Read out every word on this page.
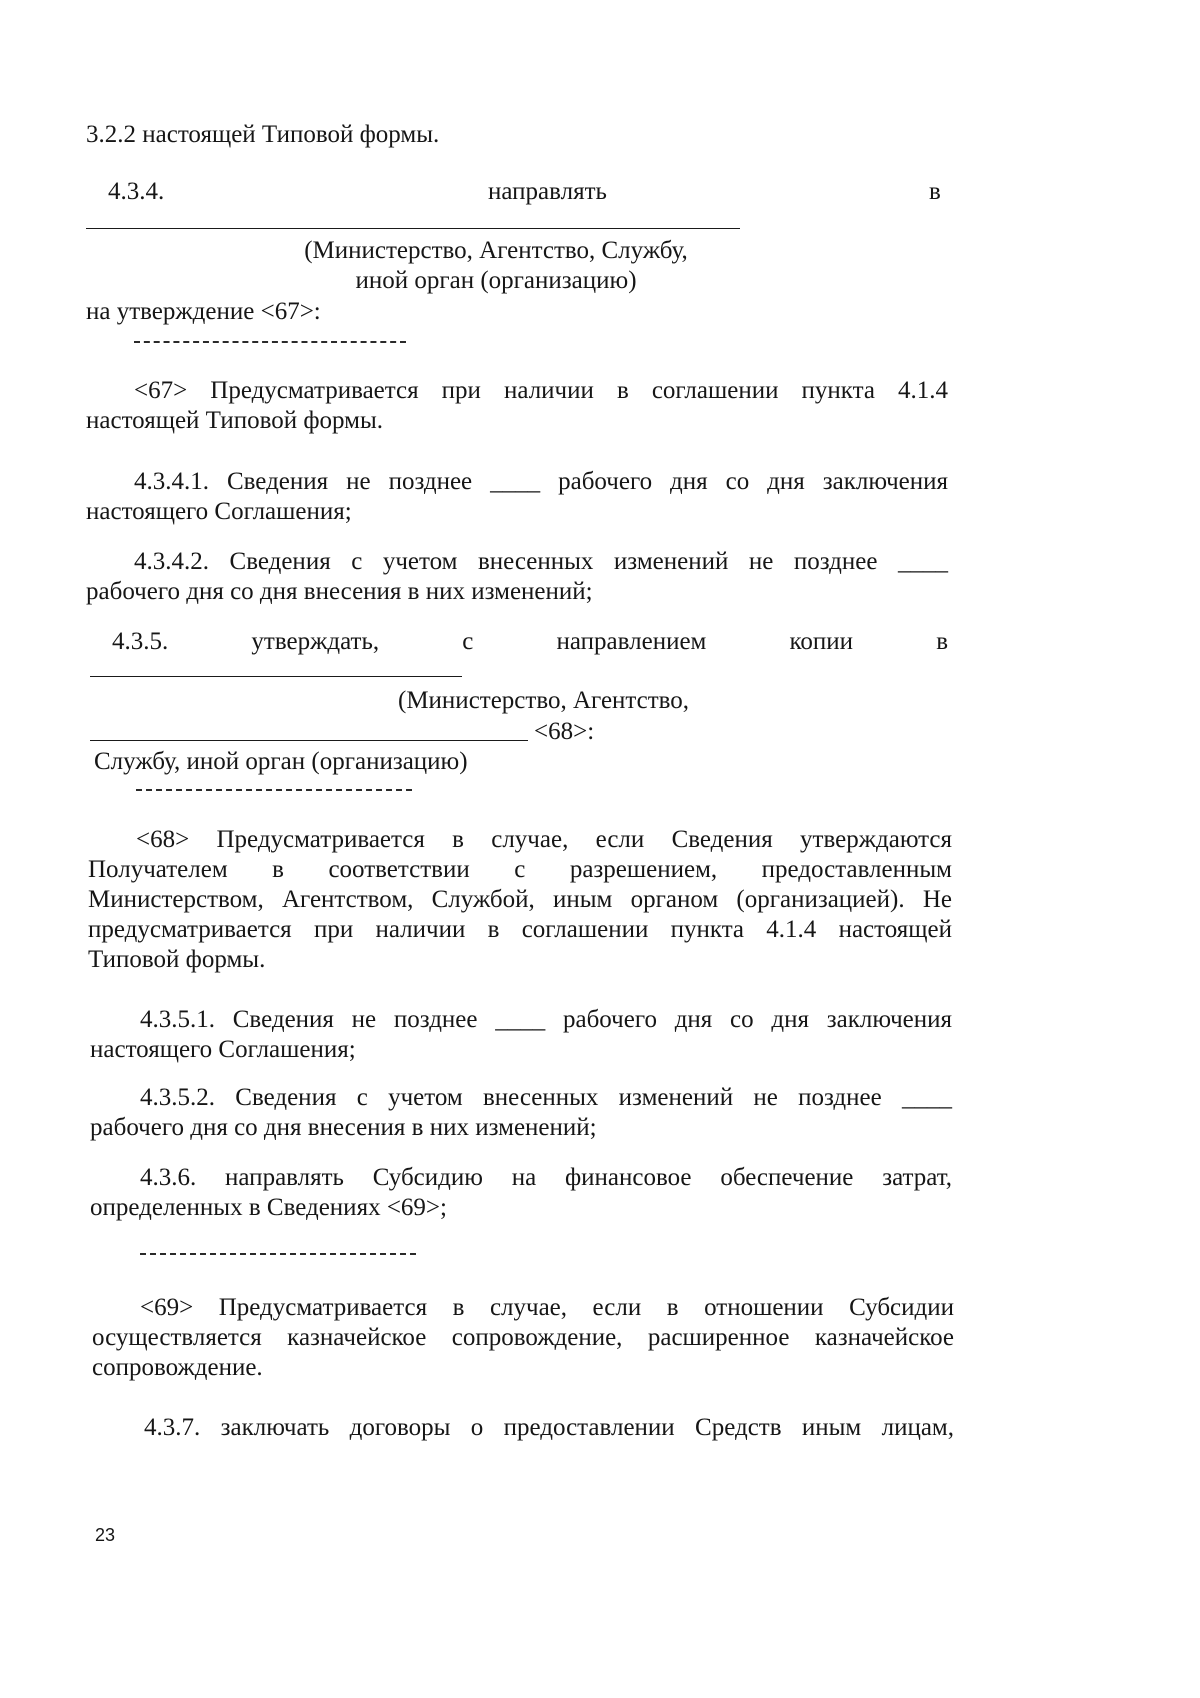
3.2.2 настоящей Типовой формы.
4.3.4.	направлять	в
(Министерство, Агентство, Службу,
иной орган (организацию)
на утверждение <67>:
<67> Предусматривается при наличии в соглашении пункта 4.1.4
настоящей Типовой формы.
4.3.4.1. Сведения не позднее ____ рабочего дня со дня заключения
настоящего Соглашения;
4.3.4.2. Сведения с учетом внесенных изменений не позднее ____
рабочего дня со дня внесения в них изменений;
4.3.5. утверждать, с направлением копии в
(Министерство, Агентство,
<68>:
Службу, иной орган (организацию)
<68> Предусматривается в случае, если Сведения утверждаются
Получателем в соответствии с разрешением, предоставленным
Министерством, Агентством, Службой, иным органом (организацией). Не
предусматривается при наличии в соглашении пункта 4.1.4 настоящей
Типовой формы.
4.3.5.1. Сведения не позднее ____ рабочего дня со дня заключения
настоящего Соглашения;
4.3.5.2. Сведения с учетом внесенных изменений не позднее ____
рабочего дня со дня внесения в них изменений;
4.3.6. направлять Субсидию на финансовое обеспечение затрат,
определенных в Сведениях <69>;
<69> Предусматривается в случае, если в отношении Субсидии
осуществляется казначейское сопровождение, расширенное казначейское
сопровождение.
4.3.7. заключать договоры о предоставлении Средств иным лицам,
23
